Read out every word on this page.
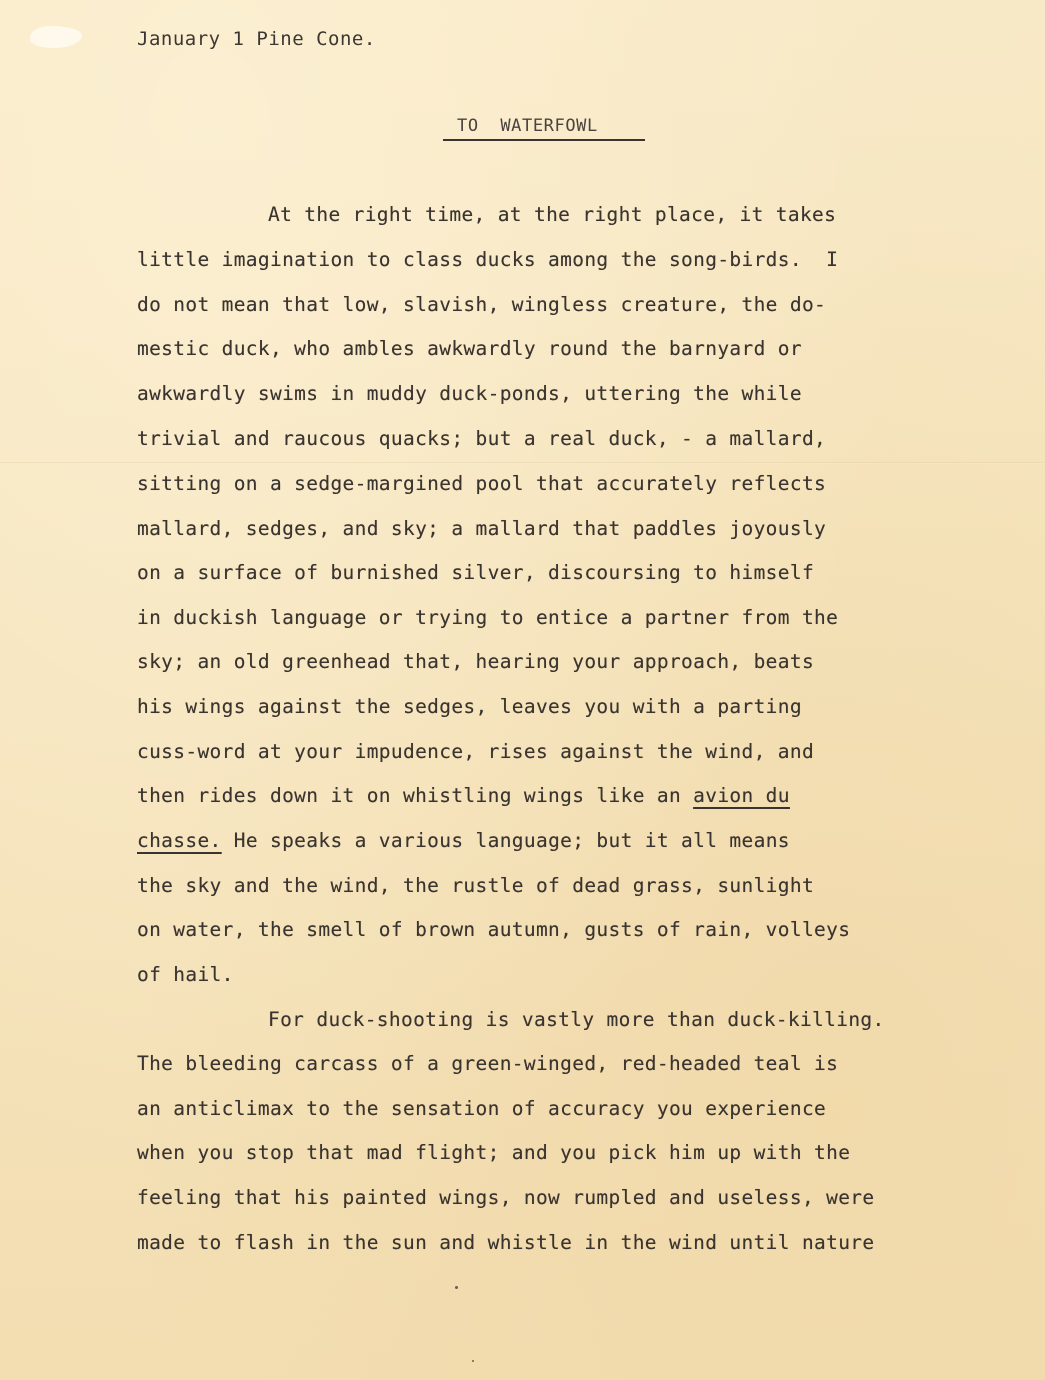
January 1 Pine Cone.
TO  WATERFOWL
At the right time, at the right place, it takes
little imagination to class ducks among the song-birds.  I
do not mean that low, slavish, wingless creature, the do-
mestic duck, who ambles awkwardly round the barnyard or
awkwardly swims in muddy duck-ponds, uttering the while
trivial and raucous quacks; but a real duck, - a mallard,
sitting on a sedge-margined pool that accurately reflects
mallard, sedges, and sky; a mallard that paddles joyously
on a surface of burnished silver, discoursing to himself
in duckish language or trying to entice a partner from the
sky; an old greenhead that, hearing your approach, beats
his wings against the sedges, leaves you with a parting
cuss-word at your impudence, rises against the wind, and
then rides down it on whistling wings like an avion du
chasse. He speaks a various language; but it all means
the sky and the wind, the rustle of dead grass, sunlight
on water, the smell of brown autumn, gusts of rain, volleys
of hail.
For duck-shooting is vastly more than duck-killing.
The bleeding carcass of a green-winged, red-headed teal is
an anticlimax to the sensation of accuracy you experience
when you stop that mad flight; and you pick him up with the
feeling that his painted wings, now rumpled and useless, were
made to flash in the sun and whistle in the wind until nature
